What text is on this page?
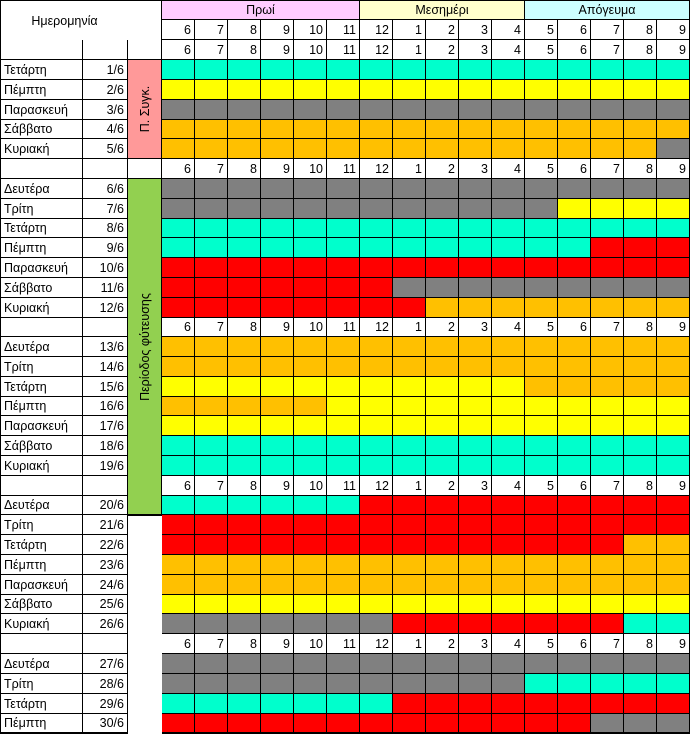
Ημερομηνία
Πρωί	Μεσημέρι	Απόγευμα
6	7	8	9	10	11	12	1	2	3	4	5	6	7	8	9
6	7	8	9	10	11	12	1	2	3	4	5	6	7	8	9
Τετάρτη	1/6
Πέμπτη	2/6
Παρασκευή	3/6
Σάββατο	4/6
Κυριακή	5/6
6	7	8	9	10	11	12	1	2	3	4	5	6	7	8	9
Δευτέρα	6/6
Τρίτη	7/6
Τετάρτη	8/6
Πέμπτη	9/6
Παρασκευή	10/6
Σάββατο	11/6
Κυριακή	12/6
6	7	8	9	10	11	12	1	2	3	4	5	6	7	8	9
Δευτέρα	13/6
Τρίτη	14/6
Τετάρτη	15/6
Πέμπτη	16/6
Παρασκευή	17/6
Σάββατο	18/6
Κυριακή	19/6
6	7	8	9	10	11	12	1	2	3	4	5	6	7	8	9
Δευτέρα	20/6
Τρίτη	21/6
Τετάρτη	22/6
Πέμπτη	23/6
Παρασκευή	24/6
Σάββατο	25/6
Κυριακή	26/6
6	7	8	9	10	11	12	1	2	3	4	5	6	7	8	9
Δευτέρα	27/6
Τρίτη	28/6
Τετάρτη	29/6
Πέμπτη	30/6
Π. Συγκ.
Περίοδος φύτευσης
